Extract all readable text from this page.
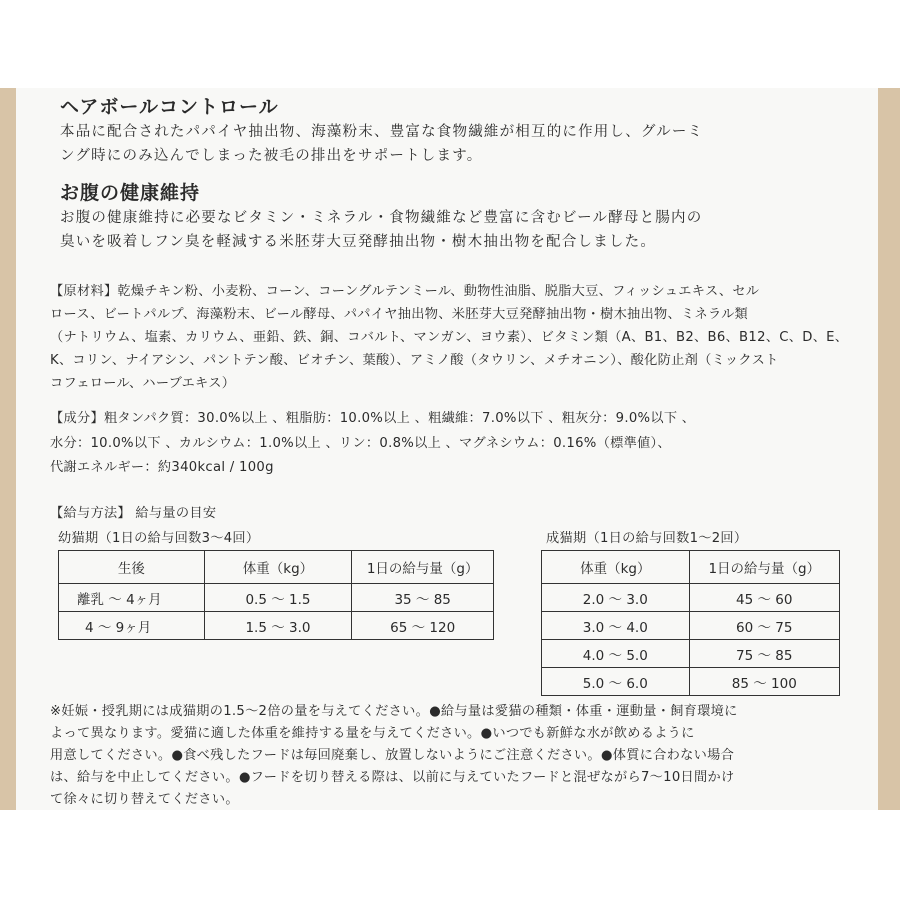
ヘアボールコントロール
本品に配合されたパパイヤ抽出物、海藻粉末、豊富な食物繊維が相互的に作用し、グルーミ
ング時にのみ込んでしまった被毛の排出をサポートします。
お腹の健康維持
お腹の健康維持に必要なビタミン・ミネラル・食物繊維など豊富に含むビール酵母と腸内の
臭いを吸着しフン臭を軽減する米胚芽大豆発酵抽出物・樹木抽出物を配合しました。
【原材料】乾燥チキン粉、小麦粉、コーン、コーングルテンミール、動物性油脂、脱脂大豆、フィッシュエキス、セル
ロース、ビートパルプ、海藻粉末、ビール酵母、パパイヤ抽出物、米胚芽大豆発酵抽出物・樹木抽出物、ミネラル類
（ナトリウム、塩素、カリウム、亜鉛、鉄、銅、コバルト、マンガン、ヨウ素）、ビタミン類（A、B1、B2、B6、B12、C、D、E、
K、コリン、ナイアシン、パントテン酸、ビオチン、葉酸）、アミノ酸（タウリン、メチオニン）、酸化防止剤（ミックスト
コフェロール、ハーブエキス）
【成分】粗タンパク質：30.0%以上 、粗脂肪：10.0%以上 、粗繊維：7.0%以下 、粗灰分：9.0%以下 、
水分：10.0%以下 、カルシウム：1.0%以上 、リン：0.8%以上 、マグネシウム：0.16%（標準値）、
代謝エネルギー：約340kcal / 100g
【給与方法】 給与量の目安
幼猫期（1日の給与回数3～4回）
生後	体重（kg）	1日の給与量（g）
離乳 ～ 4ヶ月	0.5 ～ 1.5	35 ～ 85
4 ～ 9ヶ月	1.5 ～ 3.0	65 ～ 120
成猫期（1日の給与回数1～2回）
体重（kg）	1日の給与量（g）
2.0 ～ 3.0	45 ～ 60
3.0 ～ 4.0	60 ～ 75
4.0 ～ 5.0	75 ～ 85
5.0 ～ 6.0	85 ～ 100
※妊娠・授乳期には成猫期の1.5～2倍の量を与えてください。●給与量は愛猫の種類・体重・運動量・飼育環境に
よって異なります。愛猫に適した体重を維持する量を与えてください。●いつでも新鮮な水が飲めるように
用意してください。●食べ残したフードは毎回廃棄し、放置しないようにご注意ください。●体質に合わない場合
は、給与を中止してください。●フードを切り替える際は、以前に与えていたフードと混ぜながら7～10日間かけ
て徐々に切り替えてください。
